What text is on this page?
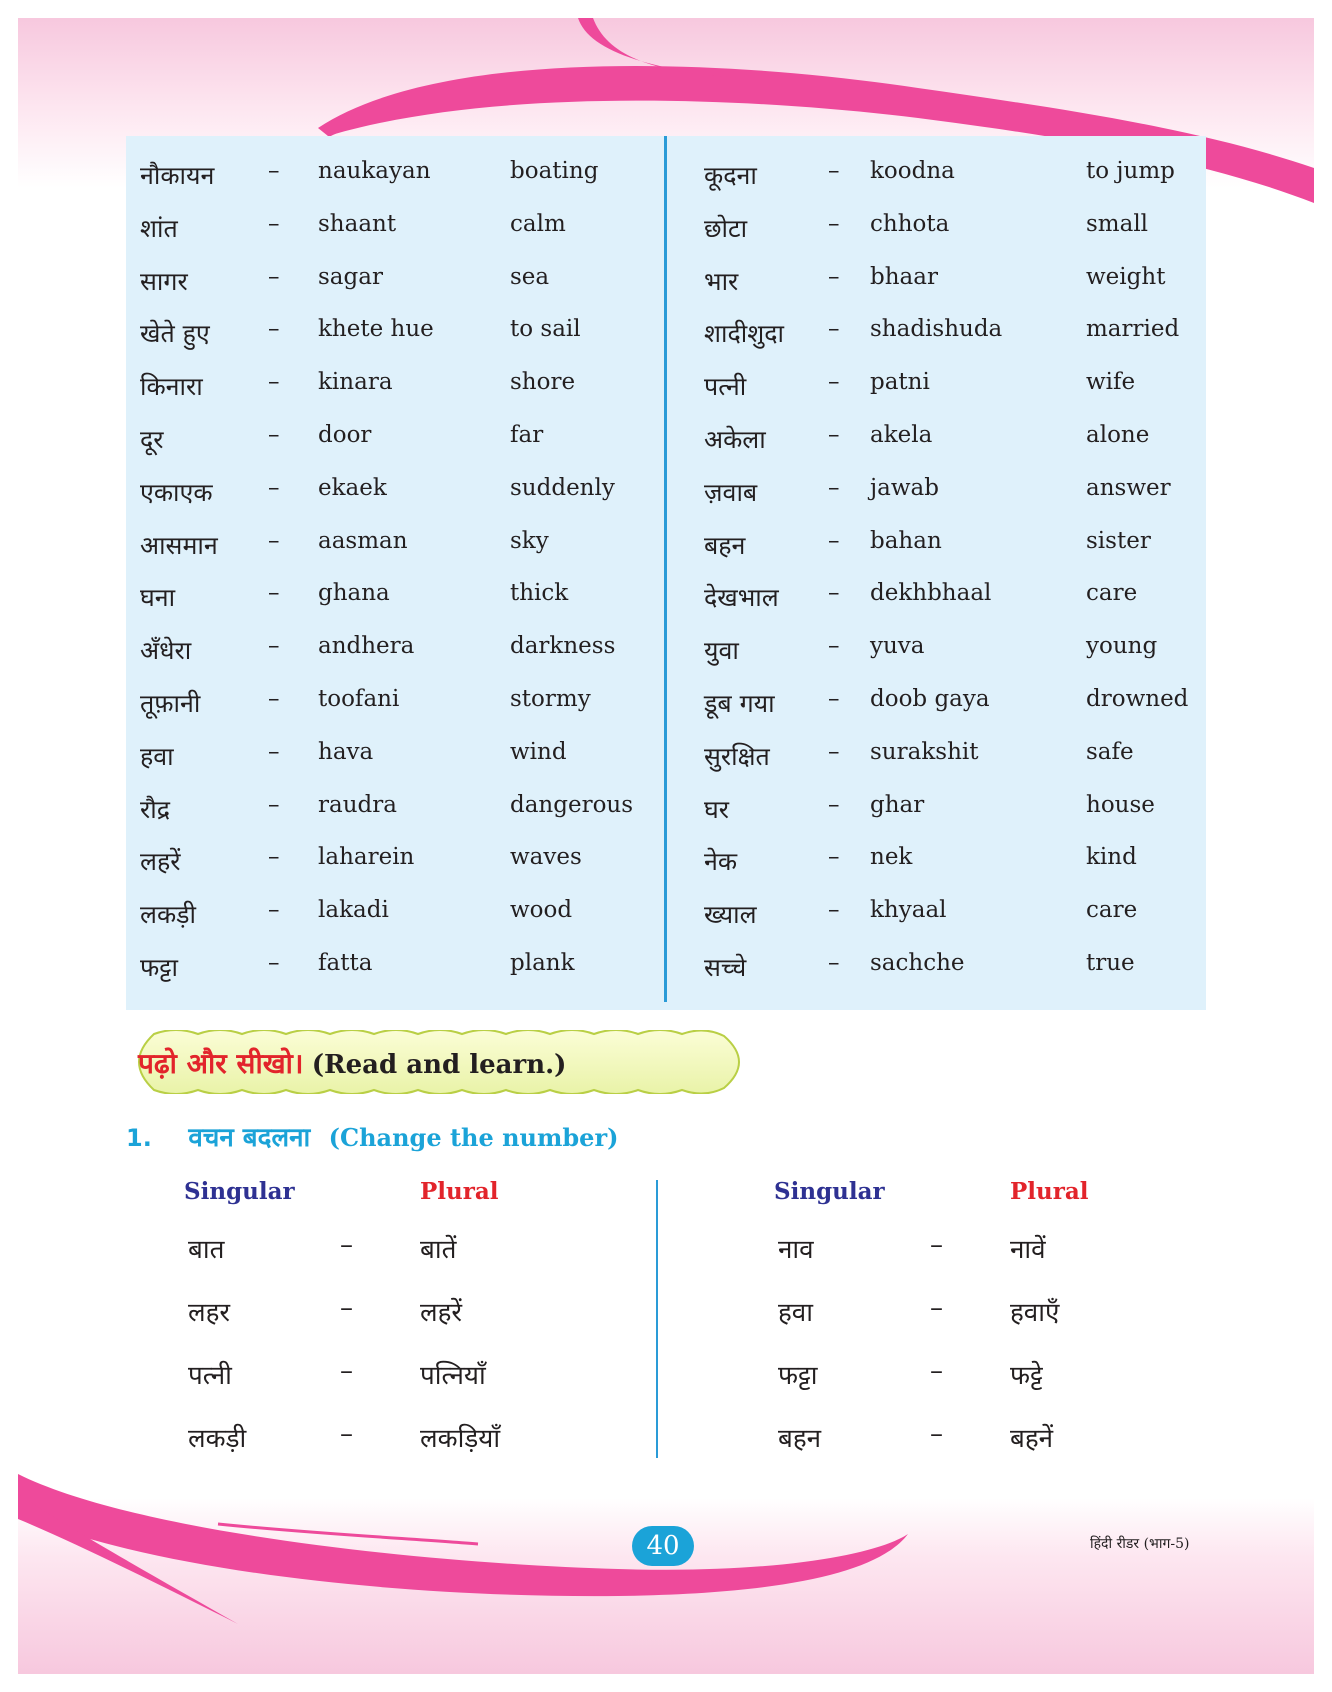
नौकायन – naukayan	boating
शांत	– shaant	calm
सागर	– sagar	sea
खेते हुए	– khete hue	to sail
किनारा	– kinara	shore
दूर	– door	far
एकाएक – ekaek	suddenly
आसमान – aasman	sky
घना	– ghana	thick
अँधेरा	– andhera	darkness
तूफ़ानी	– toofani	stormy
हवा	– hava	wind
रौद्र	– raudra	dangerous
लहरें	– laharein	waves
लकड़ी	– lakadi	wood
फट्टा	– fatta	plank
कूदना	– koodna	to jump
छोटा	– chhota	small
भार	– bhaar	weight
शादीशुदा – shadishuda	married
पत्नी	– patni	wife
अकेला	– akela	alone
ज़वाब	– jawab	answer
बहन	– bahan	sister
देखभाल – dekhbhaal	care
युवा	– yuva	young
डूब गया – doob gaya	drowned
सुरक्षित	– surakshit	safe
घर	– ghar	house
नेक	– nek	kind
ख्याल	– khyaal	care
सच्चे	– sachche	true
पढ़ो और सीखो। (Read and learn.)
1. वचन बदलना (Change the number)
Singular	Plural
बात	–	बातें
लहर	–	लहरें
पत्नी	–	पत्नियाँ
लकड़ी	–	लकड़ियाँ
Singular	Plural
नाव	–	नावें
हवा	–	हवाएँ
फट्टा	–	फट्टे
बहन	–	बहनें
40	हिंदी रीडर (भाग-5)
